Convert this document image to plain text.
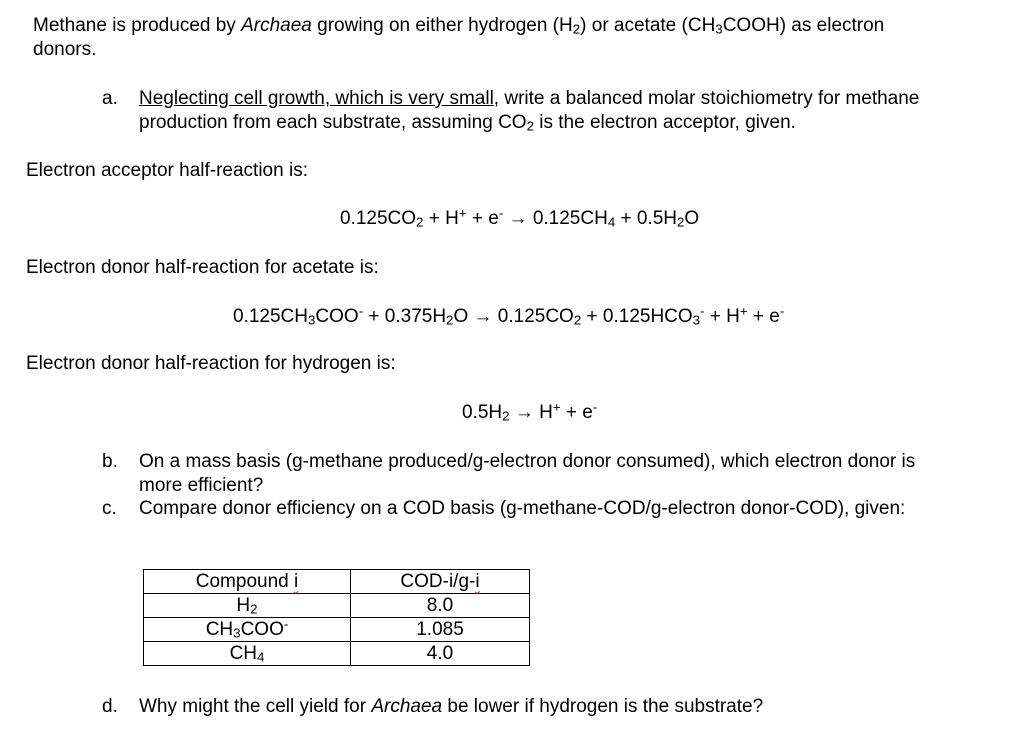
Methane is produced by Archaea growing on either hydrogen $(H_2)$ or acetate $(CH_3COOH)$ as electron
donors.
a. Neglecting cell growth, which is very small, write a balanced molar stoichiometry for methane
production from each substrate, assuming $CO_2$ is the electron acceptor, given.
Electron acceptor half-reaction is:
$0.125CO_2 + H^+ + e^- \to 0.125CH_4 + 0.5H_2O$
Electron donor half-reaction for acetate is:
$0.125CH_3COO^- + 0.375H_2O \to 0.125CO_2 + 0.125HCO_3^- + H^+ + e^-$
Electron donor half-reaction for hydrogen is:
$0.5H_2 \to H^+ + e^-$
b. On a mass basis (g-methane produced/g-electron donor consumed), which electron donor is
more efficient?
c. Compare donor efficiency on a COD basis (g-methane-COD/g-electron donor-COD), given:
Compound i	COD-i/g-i
$H_2$	8.0
$CH_3COO^-$	1.085
$CH_4$	4.0
d. Why might the cell yield for Archaea be lower if hydrogen is the substrate?
